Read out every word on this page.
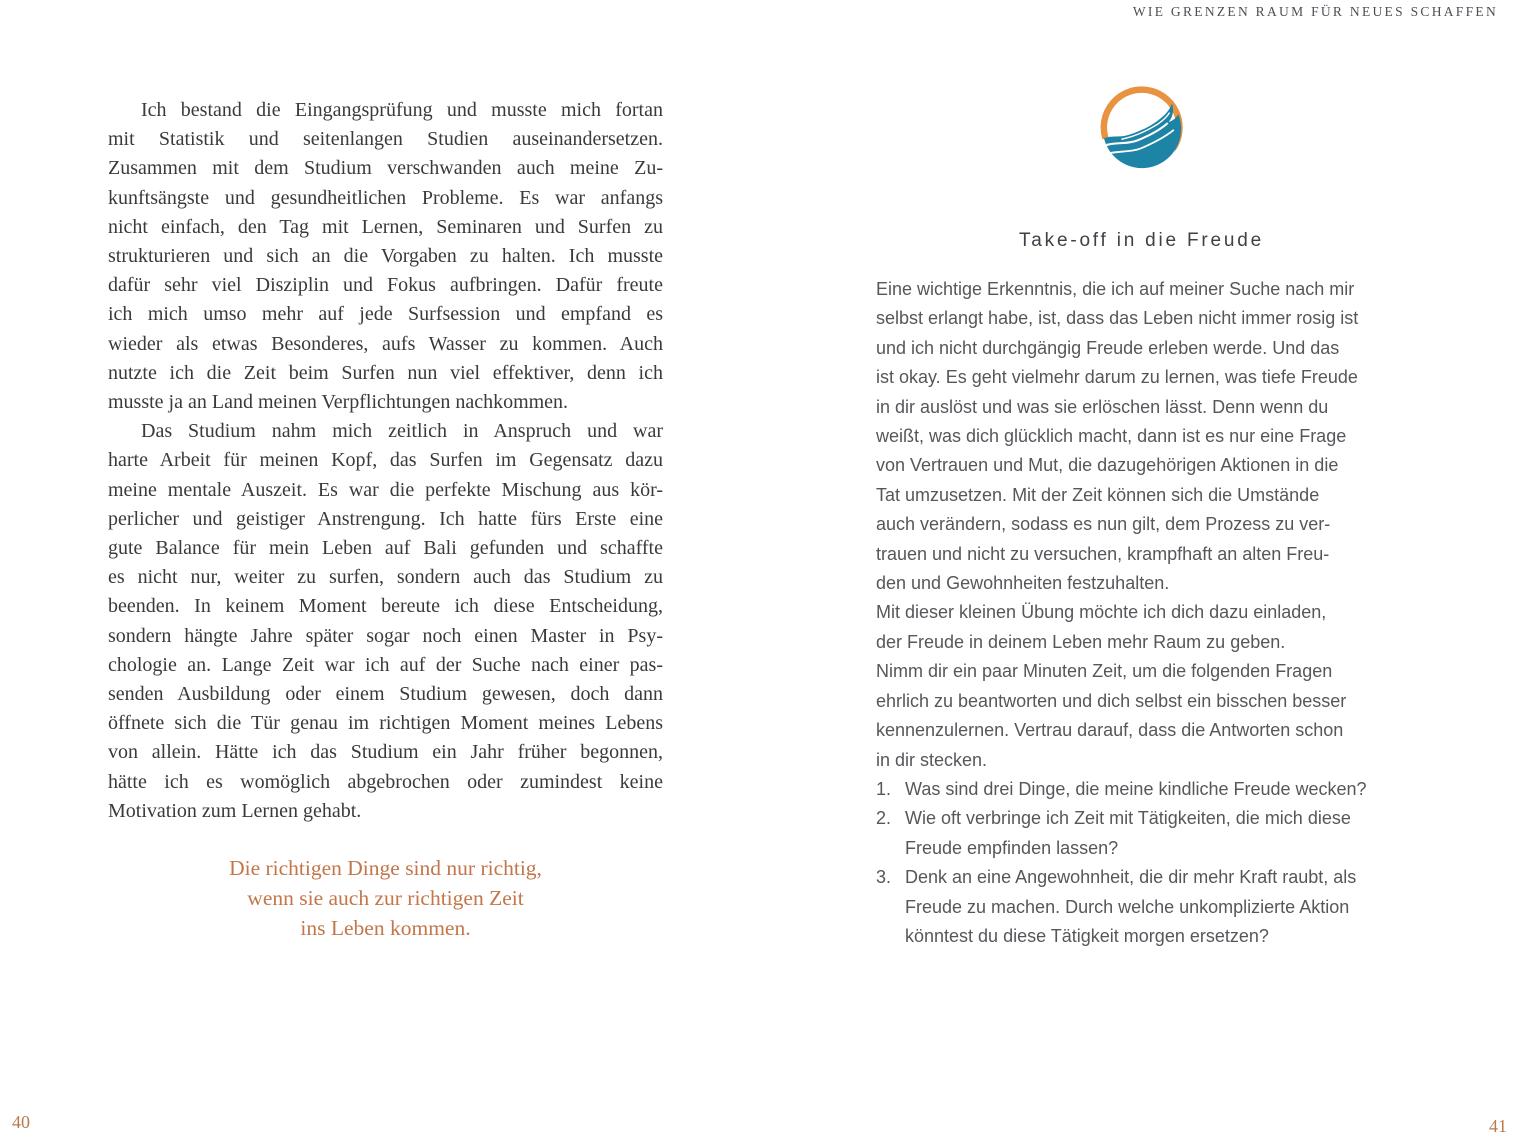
WIE GRENZEN RAUM FÜR NEUES SCHAFFEN
Ich bestand die Eingangsprüfung und musste mich fortan
mit Statistik und seitenlangen Studien auseinandersetzen.
Zusammen mit dem Studium verschwanden auch meine Zu-
kunftsängste und gesundheitlichen Probleme. Es war anfangs
nicht einfach, den Tag mit Lernen, Seminaren und Surfen zu
strukturieren und sich an die Vorgaben zu halten. Ich musste
dafür sehr viel Disziplin und Fokus aufbringen. Dafür freute
ich mich umso mehr auf jede Surfsession und empfand es
wieder als etwas Besonderes, aufs Wasser zu kommen. Auch
nutzte ich die Zeit beim Surfen nun viel effektiver, denn ich
musste ja an Land meinen Verpflichtungen nachkommen.
Das Studium nahm mich zeitlich in Anspruch und war
harte Arbeit für meinen Kopf, das Surfen im Gegensatz dazu
meine mentale Auszeit. Es war die perfekte Mischung aus kör-
perlicher und geistiger Anstrengung. Ich hatte fürs Erste eine
gute Balance für mein Leben auf Bali gefunden und schaffte
es nicht nur, weiter zu surfen, sondern auch das Studium zu
beenden. In keinem Moment bereute ich diese Entscheidung,
sondern hängte Jahre später sogar noch einen Master in Psy-
chologie an. Lange Zeit war ich auf der Suche nach einer pas-
senden Ausbildung oder einem Studium gewesen, doch dann
öffnete sich die Tür genau im richtigen Moment meines Lebens
von allein. Hätte ich das Studium ein Jahr früher begonnen,
hätte ich es womöglich abgebrochen oder zumindest keine
Motivation zum Lernen gehabt.
Die richtigen Dinge sind nur richtig,
wenn sie auch zur richtigen Zeit
ins Leben kommen.
40
Take-off in die Freude
Eine wichtige Erkenntnis, die ich auf meiner Suche nach mir
selbst erlangt habe, ist, dass das Leben nicht immer rosig ist
und ich nicht durchgängig Freude erleben werde. Und das
ist okay. Es geht vielmehr darum zu lernen, was tiefe Freude
in dir auslöst und was sie erlöschen lässt. Denn wenn du
weißt, was dich glücklich macht, dann ist es nur eine Frage
von Vertrauen und Mut, die dazugehörigen Aktionen in die
Tat umzusetzen. Mit der Zeit können sich die Umstände
auch verändern, sodass es nun gilt, dem Prozess zu ver-
trauen und nicht zu versuchen, krampfhaft an alten Freu-
den und Gewohnheiten festzuhalten.
Mit dieser kleinen Übung möchte ich dich dazu einladen,
der Freude in deinem Leben mehr Raum zu geben.
Nimm dir ein paar Minuten Zeit, um die folgenden Fragen
ehrlich zu beantworten und dich selbst ein bisschen besser
kennenzulernen. Vertrau darauf, dass die Antworten schon
in dir stecken.
1. Was sind drei Dinge, die meine kindliche Freude wecken?
2. Wie oft verbringe ich Zeit mit Tätigkeiten, die mich diese
Freude empfinden lassen?
3. Denk an eine Angewohnheit, die dir mehr Kraft raubt, als
Freude zu machen. Durch welche unkomplizierte Aktion
könntest du diese Tätigkeit morgen ersetzen?
41
